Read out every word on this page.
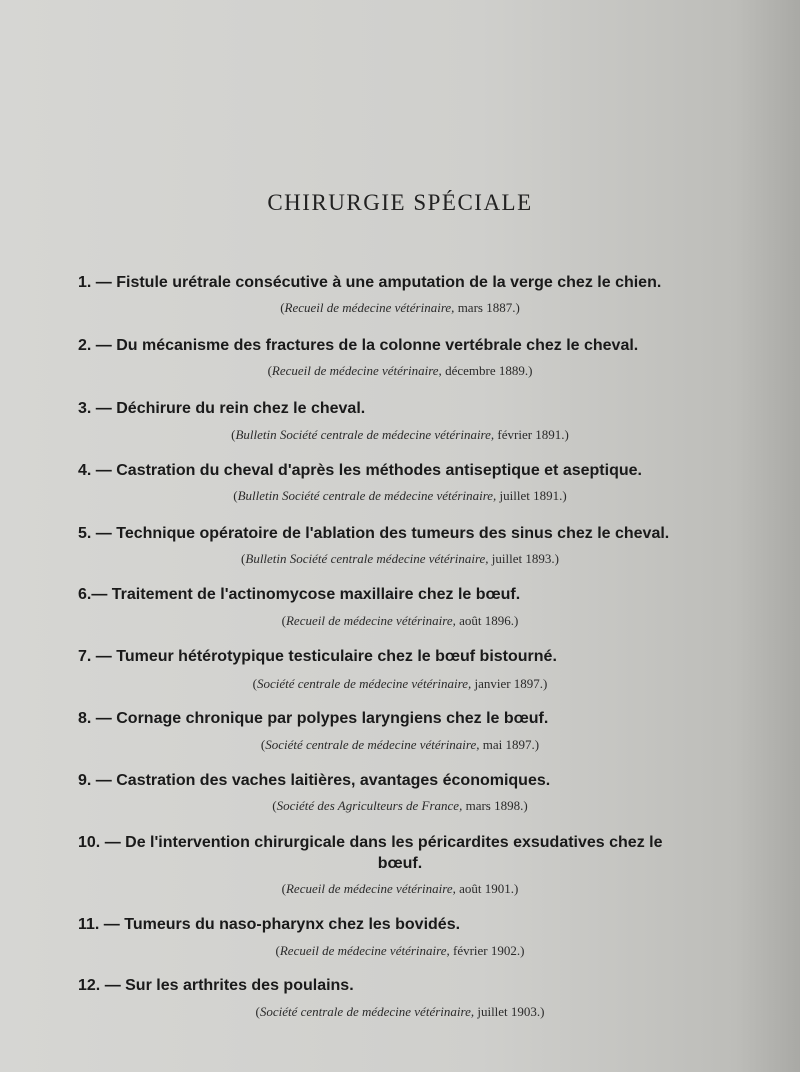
CHIRURGIE SPÉCIALE
1. — Fistule urétrale consécutive à une amputation de la verge chez le chien.
(Recueil de médecine vétérinaire, mars 1887.)
2. — Du mécanisme des fractures de la colonne vertébrale chez le cheval.
(Recueil de médecine vétérinaire, décembre 1889.)
3. — Déchirure du rein chez le cheval.
(Bulletin Société centrale de médecine vétérinaire, février 1891.)
4. — Castration du cheval d'après les méthodes antiseptique et aseptique.
(Bulletin Société centrale de médecine vétérinaire, juillet 1891.)
5. — Technique opératoire de l'ablation des tumeurs des sinus chez le cheval.
(Bulletin Société centrale médecine vétérinaire, juillet 1893.)
6.— Traitement de l'actinomycose maxillaire chez le bœuf.
(Recueil de médecine vétérinaire, août 1896.)
7. — Tumeur hétérotypique testiculaire chez le bœuf bistourné.
(Société centrale de médecine vétérinaire, janvier 1897.)
8. — Cornage chronique par polypes laryngiens chez le bœuf.
(Société centrale de médecine vétérinaire, mai 1897.)
9. — Castration des vaches laitières, avantages économiques.
(Société des Agriculteurs de France, mars 1898.)
10. — De l'intervention chirurgicale dans les péricardites exsudatives chez le
bœuf.
(Recueil de médecine vétérinaire, août 1901.)
11. — Tumeurs du naso-pharynx chez les bovidés.
(Recueil de médecine vétérinaire, février 1902.)
12. — Sur les arthrites des poulains.
(Société centrale de médecine vétérinaire, juillet 1903.)
